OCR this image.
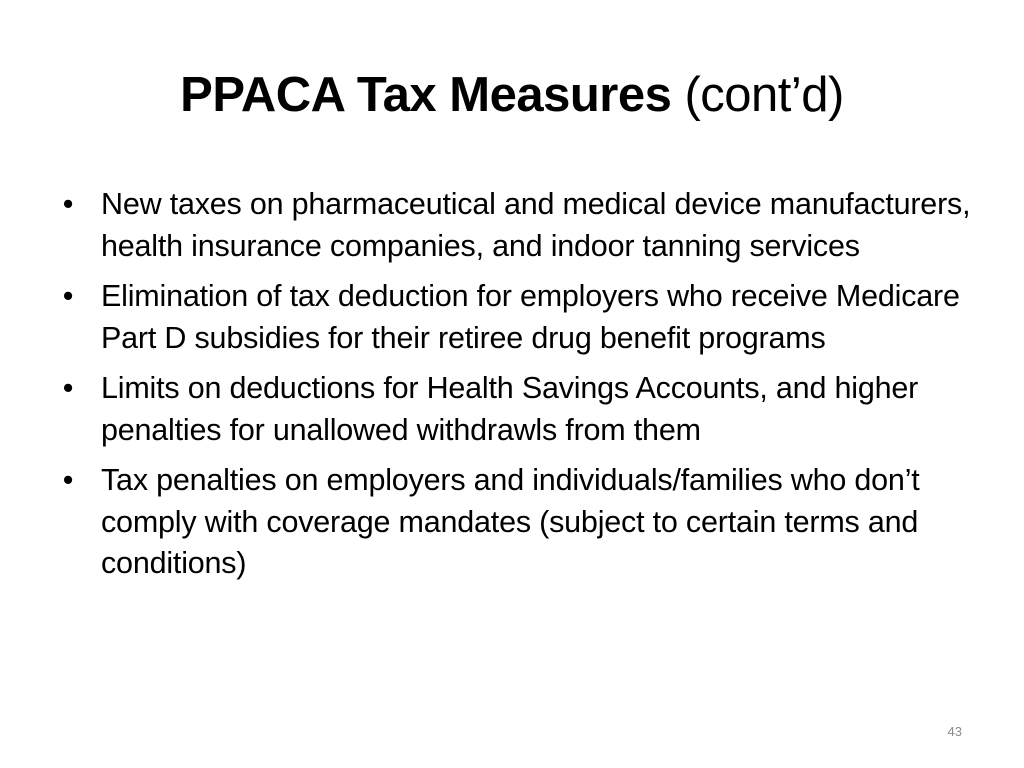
PPACA Tax Measures (cont’d)
• New taxes on pharmaceutical and medical device manufacturers, health insurance companies, and indoor tanning services
• Elimination of tax deduction for employers who receive Medicare Part D subsidies for their retiree drug benefit programs
• Limits on deductions for Health Savings Accounts, and higher penalties for unallowed withdrawls from them
• Tax penalties on employers and individuals/families who don’t comply with coverage mandates (subject to certain terms and conditions)
43
